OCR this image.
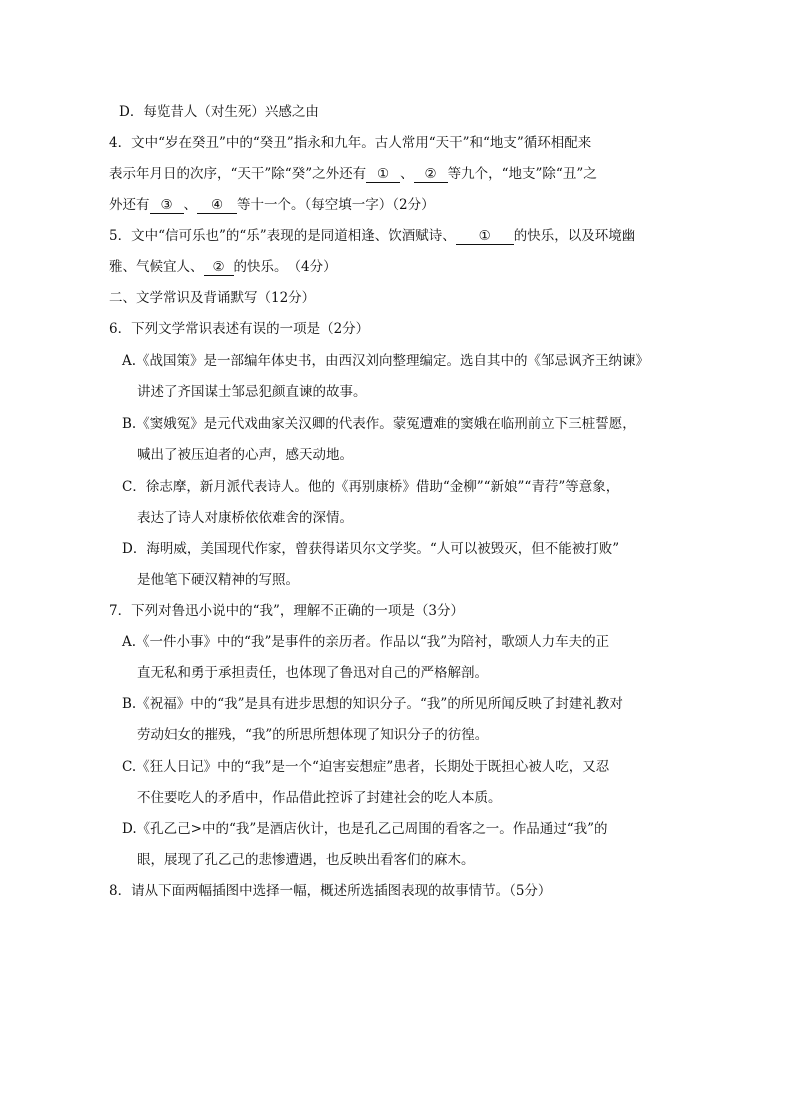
D．每览昔人（对生死）兴感之由
4．文中“岁在癸丑”中的“癸丑”指永和九年。古人常用“天干”和“地支”循环相配来
表示年月日的次序，“天干”除“癸”之外还有 ① 、 ② 等九个，“地支”除“丑”之
外还有 ③ 、 ④ 等十一个。（每空填一字）（2分）
5．文中“信可乐也”的“乐”表现的是同道相逢、饮酒赋诗、 ① 的快乐，以及环境幽
雅、气候宜人、 ② 的快乐。　（4分）
二、文学常识及背诵默写（12分）
6．下列文学常识表述有误的一项是（2分）
A.《战国策》是一部编年体史书，由西汉刘向整理编定。选自其中的《邹忌讽齐王纳谏》
讲述了齐国谋士邹忌犯颜直谏的故事。
B.《窦娥冤》是元代戏曲家关汉卿的代表作。蒙冤遭难的窦娥在临刑前立下三桩誓愿，
喊出了被压迫者的心声，感天动地。
C．徐志摩，新月派代表诗人。他的《再别康桥》借助“金柳”“新娘”“青荇”等意象，
表达了诗人对康桥依依难舍的深情。
D．海明威，美国现代作家，曾获得诺贝尔文学奖。“人可以被毁灭，但不能被打败”
是他笔下硬汉精神的写照。
7．下列对鲁迅小说中的“我”，理解不正确的一项是（3分）
A.《一件小事》中的“我”是事件的亲历者。作品以“我”为陪衬，歌颂人力车夫的正
直无私和勇于承担责任，也体现了鲁迅对自己的严格解剖。
B.《祝福》中的“我”是具有进步思想的知识分子。“我”的所见所闻反映了封建礼教对
劳动妇女的摧残，“我”的所思所想体现了知识分子的彷徨。
C.《狂人日记》中的“我”是一个“迫害妄想症”患者，长期处于既担心被人吃，又忍
不住要吃人的矛盾中，作品借此控诉了封建社会的吃人本质。
D.《孔乙己>中的“我”是酒店伙计，也是孔乙己周围的看客之一。作品通过“我”的
眼，展现了孔乙己的悲惨遭遇，也反映出看客们的麻木。
8．请从下面两幅插图中选择一幅，概述所选插图表现的故事情节。（5分）
